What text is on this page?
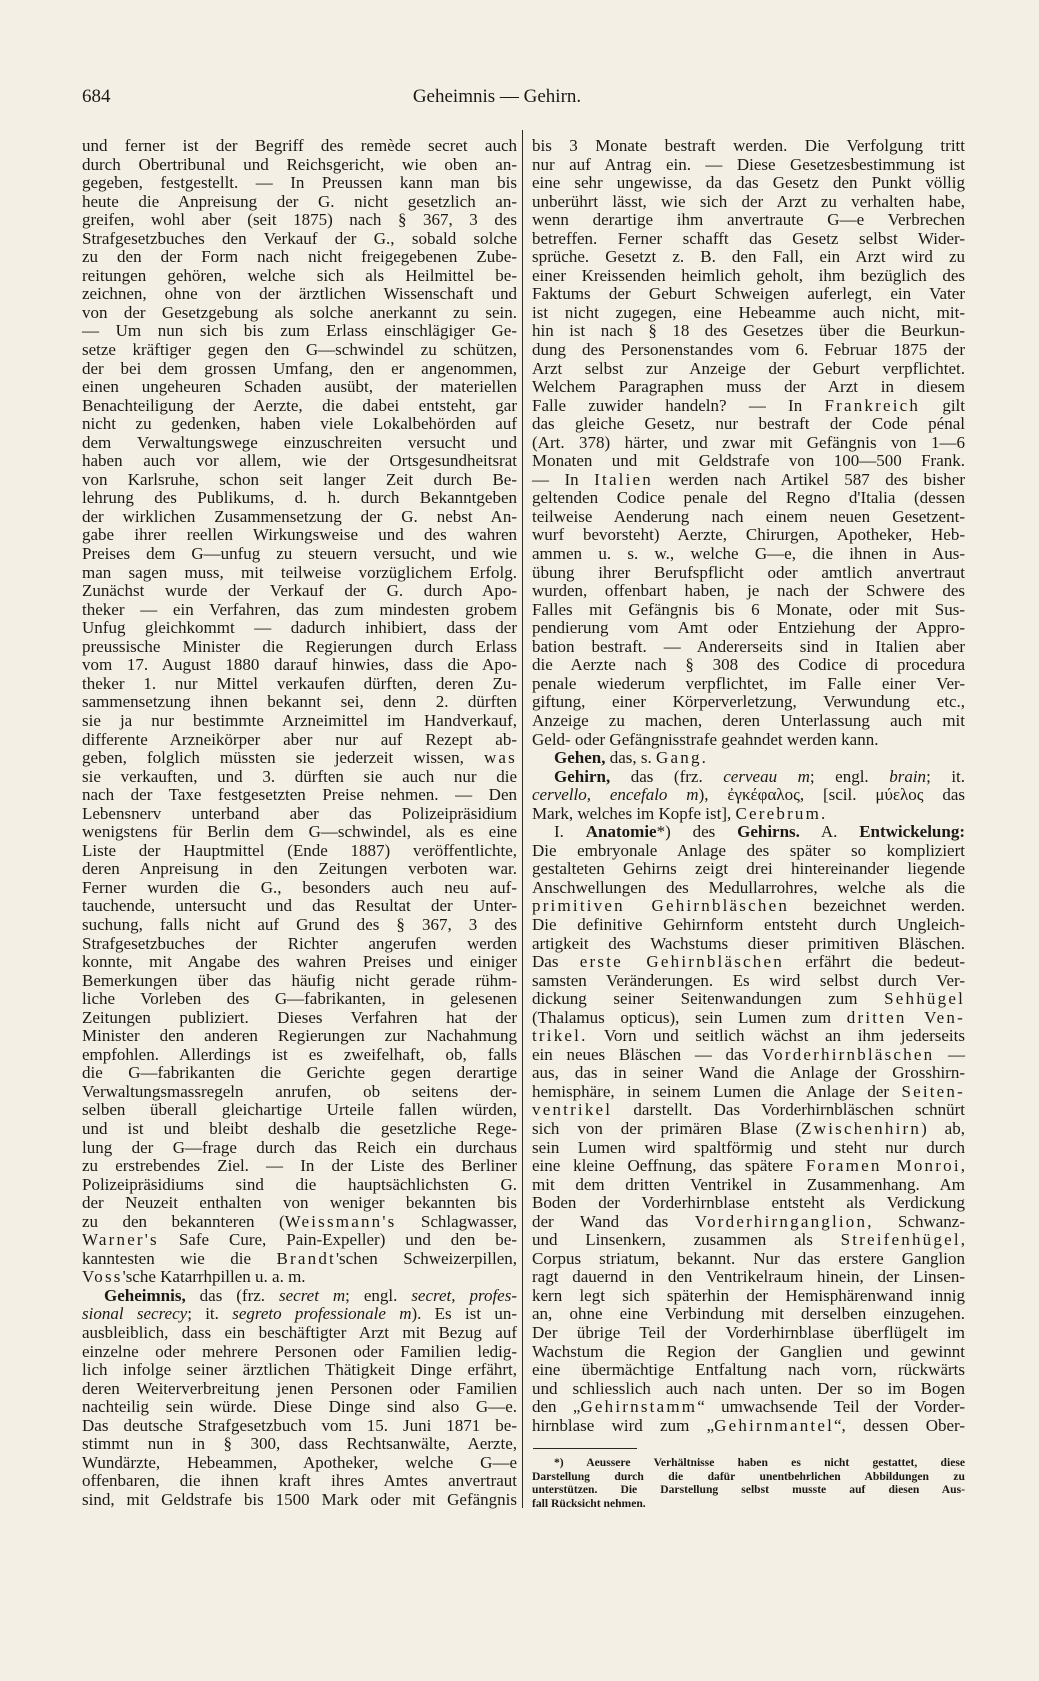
684	Geheimnis — Gehirn.
und ferner ist der Begriff des remède secret auch
durch Obertribunal und Reichsgericht, wie oben an-
gegeben, festgestellt. — In Preussen kann man bis
heute die Anpreisung der G. nicht gesetzlich an-
greifen, wohl aber (seit 1875) nach § 367, 3 des
Strafgesetzbuches den Verkauf der G., sobald solche
zu den der Form nach nicht freigegebenen Zube-
reitungen gehören, welche sich als Heilmittel be-
zeichnen, ohne von der ärztlichen Wissenschaft und
von der Gesetzgebung als solche anerkannt zu sein.
— Um nun sich bis zum Erlass einschlägiger Ge-
setze kräftiger gegen den G—schwindel zu schützen,
der bei dem grossen Umfang, den er angenommen,
einen ungeheuren Schaden ausübt, der materiellen
Benachteiligung der Aerzte, die dabei entsteht, gar
nicht zu gedenken, haben viele Lokalbehörden auf
dem Verwaltungswege einzuschreiten versucht und
haben auch vor allem, wie der Ortsgesundheitsrat
von Karlsruhe, schon seit langer Zeit durch Be-
lehrung des Publikums, d. h. durch Bekanntgeben
der wirklichen Zusammensetzung der G. nebst An-
gabe ihrer reellen Wirkungsweise und des wahren
Preises dem G—unfug zu steuern versucht, und wie
man sagen muss, mit teilweise vorzüglichem Erfolg.
Zunächst wurde der Verkauf der G. durch Apo-
theker — ein Verfahren, das zum mindesten grobem
Unfug gleichkommt — dadurch inhibiert, dass der
preussische Minister die Regierungen durch Erlass
vom 17. August 1880 darauf hinwies, dass die Apo-
theker 1. nur Mittel verkaufen dürften, deren Zu-
sammensetzung ihnen bekannt sei, denn 2. dürften
sie ja nur bestimmte Arzneimittel im Handverkauf,
differente Arzneikörper aber nur auf Rezept ab-
geben, folglich müssten sie jederzeit wissen, was
sie verkauften, und 3. dürften sie auch nur die
nach der Taxe festgesetzten Preise nehmen. — Den
Lebensnerv unterband aber das Polizeipräsidium
wenigstens für Berlin dem G—schwindel, als es eine
Liste der Hauptmittel (Ende 1887) veröffentlichte,
deren Anpreisung in den Zeitungen verboten war.
Ferner wurden die G., besonders auch neu auf-
tauchende, untersucht und das Resultat der Unter-
suchung, falls nicht auf Grund des § 367, 3 des
Strafgesetzbuches der Richter angerufen werden
konnte, mit Angabe des wahren Preises und einiger
Bemerkungen über das häufig nicht gerade rühm-
liche Vorleben des G—fabrikanten, in gelesenen
Zeitungen publiziert. Dieses Verfahren hat der
Minister den anderen Regierungen zur Nachahmung
empfohlen. Allerdings ist es zweifelhaft, ob, falls
die G—fabrikanten die Gerichte gegen derartige
Verwaltungsmassregeln anrufen, ob seitens der-
selben überall gleichartige Urteile fallen würden,
und ist und bleibt deshalb die gesetzliche Rege-
lung der G—frage durch das Reich ein durchaus
zu erstrebendes Ziel. — In der Liste des Berliner
Polizeipräsidiums sind die hauptsächlichsten G.
der Neuzeit enthalten von weniger bekannten bis
zu den bekannteren (Weissmann's Schlagwasser,
Warner's Safe Cure, Pain-Expeller) und den be-
kanntesten wie die Brandt'schen Schweizerpillen,
Voss'sche Katarrhpillen u. a. m.
Geheimnis, das (frz. secret m; engl. secret, profes-
sional secrecy; it. segreto professionale m). Es ist un-
ausbleiblich, dass ein beschäftigter Arzt mit Bezug auf
einzelne oder mehrere Personen oder Familien ledig-
lich infolge seiner ärztlichen Thätigkeit Dinge erfährt,
deren Weiterverbreitung jenen Personen oder Familien
nachteilig sein würde. Diese Dinge sind also G—e.
Das deutsche Strafgesetzbuch vom 15. Juni 1871 be-
stimmt nun in § 300, dass Rechtsanwälte, Aerzte,
Wundärzte, Hebeammen, Apotheker, welche G—e
offenbaren, die ihnen kraft ihres Amtes anvertraut
sind, mit Geldstrafe bis 1500 Mark oder mit Gefängnis
bis 3 Monate bestraft werden. Die Verfolgung tritt
nur auf Antrag ein. — Diese Gesetzesbestimmung ist
eine sehr ungewisse, da das Gesetz den Punkt völlig
unberührt lässt, wie sich der Arzt zu verhalten habe,
wenn derartige ihm anvertraute G—e Verbrechen
betreffen. Ferner schafft das Gesetz selbst Wider-
sprüche. Gesetzt z. B. den Fall, ein Arzt wird zu
einer Kreissenden heimlich geholt, ihm bezüglich des
Faktums der Geburt Schweigen auferlegt, ein Vater
ist nicht zugegen, eine Hebeamme auch nicht, mit-
hin ist nach § 18 des Gesetzes über die Beurkun-
dung des Personenstandes vom 6. Februar 1875 der
Arzt selbst zur Anzeige der Geburt verpflichtet.
Welchem Paragraphen muss der Arzt in diesem
Falle zuwider handeln? — In Frankreich gilt
das gleiche Gesetz, nur bestraft der Code pénal
(Art. 378) härter, und zwar mit Gefängnis von 1—6
Monaten und mit Geldstrafe von 100—500 Frank.
— In Italien werden nach Artikel 587 des bisher
geltenden Codice penale del Regno d'Italia (dessen
teilweise Aenderung nach einem neuen Gesetzent-
wurf bevorsteht) Aerzte, Chirurgen, Apotheker, Heb-
ammen u. s. w., welche G—e, die ihnen in Aus-
übung ihrer Berufspflicht oder amtlich anvertraut
wurden, offenbart haben, je nach der Schwere des
Falles mit Gefängnis bis 6 Monate, oder mit Sus-
pendierung vom Amt oder Entziehung der Appro-
bation bestraft. — Andererseits sind in Italien aber
die Aerzte nach § 308 des Codice di procedura
penale wiederum verpflichtet, im Falle einer Ver-
giftung, einer Körperverletzung, Verwundung etc.,
Anzeige zu machen, deren Unterlassung auch mit
Geld- oder Gefängnisstrafe geahndet werden kann.
Gehen, das, s. Gang.
Gehirn, das (frz. cerveau m; engl. brain; it.
cervello, encefalo m), ἐγκέφαλος, [scil. μύελος das
Mark, welches im Kopfe ist], Cerebrum.
I. Anatomie*) des Gehirns. A. Entwickelung:
Die embryonale Anlage des später so kompliziert
gestalteten Gehirns zeigt drei hintereinander liegende
Anschwellungen des Medullarrohres, welche als die
primitiven Gehirnbläschen bezeichnet werden.
Die definitive Gehirnform entsteht durch Ungleich-
artigkeit des Wachstums dieser primitiven Bläschen.
Das erste Gehirnbläschen erfährt die bedeut-
samsten Veränderungen. Es wird selbst durch Ver-
dickung seiner Seitenwandungen zum Sehhügel
(Thalamus opticus), sein Lumen zum dritten Ven-
trikel. Vorn und seitlich wächst an ihm jederseits
ein neues Bläschen — das Vorderhirnbläschen —
aus, das in seiner Wand die Anlage der Grosshirn-
hemisphäre, in seinem Lumen die Anlage der Seiten-
ventrikel darstellt. Das Vorderhirnbläschen schnürt
sich von der primären Blase (Zwischenhirn) ab,
sein Lumen wird spaltförmig und steht nur durch
eine kleine Oeffnung, das spätere Foramen Monroi,
mit dem dritten Ventrikel in Zusammenhang. Am
Boden der Vorderhirnblase entsteht als Verdickung
der Wand das Vorderhirnganglion, Schwanz-
und Linsenkern, zusammen als Streifenhügel,
Corpus striatum, bekannt. Nur das erstere Ganglion
ragt dauernd in den Ventrikelraum hinein, der Linsen-
kern legt sich späterhin der Hemisphärenwand innig
an, ohne eine Verbindung mit derselben einzugehen.
Der übrige Teil der Vorderhirnblase überflügelt im
Wachstum die Region der Ganglien und gewinnt
eine übermächtige Entfaltung nach vorn, rückwärts
und schliesslich auch nach unten. Der so im Bogen
den „Gehirnstamm“ umwachsende Teil der Vorder-
hirnblase wird zum „Gehirnmantel“, dessen Ober-
*) Aeussere Verhältnisse haben es nicht gestattet, diese
Darstellung durch die dafür unentbehrlichen Abbildungen zu
unterstützen. Die Darstellung selbst musste auf diesen Aus-
fall Rücksicht nehmen.
